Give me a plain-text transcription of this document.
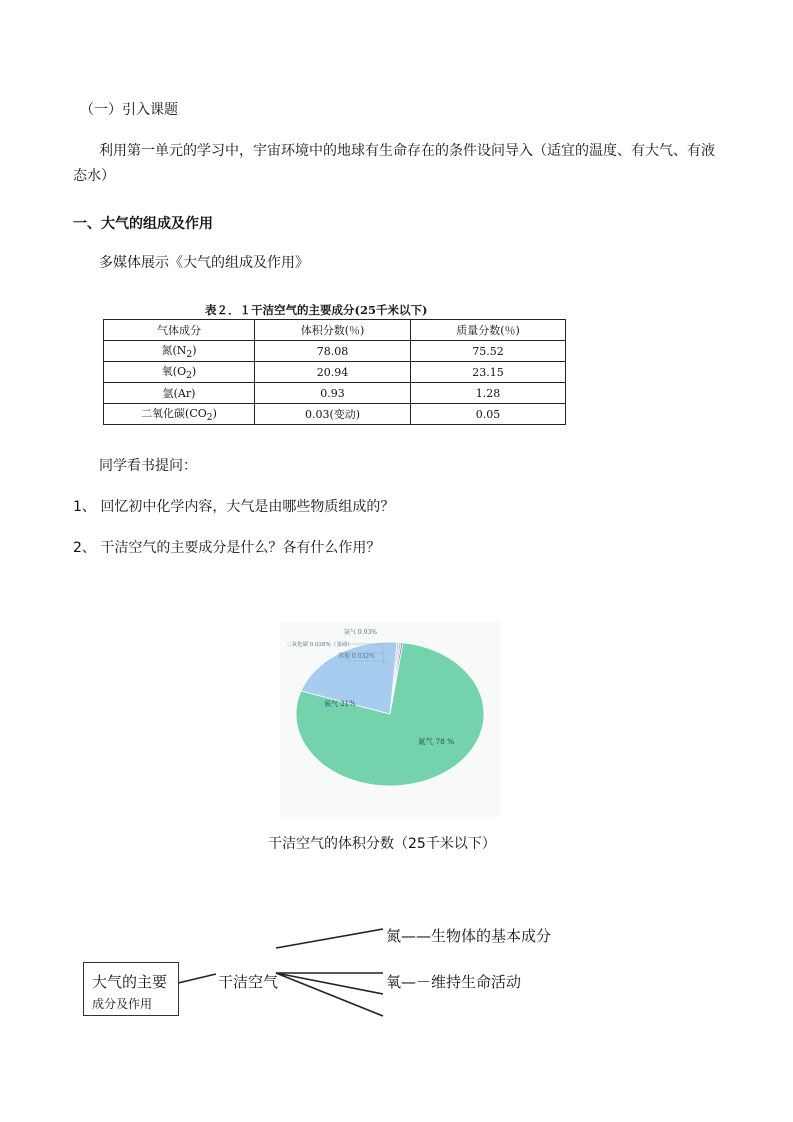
（一）引入课题
利用第一单元的学习中，宇宙环境中的地球有生命存在的条件设问导入（适宜的温度、有大气、有液
态水）
一、大气的组成及作用
多媒体展示《大气的组成及作用》
表２．１干洁空气的主要成分(25千米以下)
气体成分	体积分数(％)	质量分数(％)
氮$(N_2)$	78.08	75.52
氧$(O_2)$	20.94	23.15
氩(Ar)	0.93	1.28
二氧化碳$(CO_2)$	0.03(变动)	0.05
同学看书提问：
1、 回忆初中化学内容，大气是由哪些物质组成的？
2、 干洁空气的主要成分是什么？各有什么作用？
氩气 0.93%
二氧化碳 0.038%（变动）
其他 0.032%
氧气 21%
氮气 78 %
干洁空气的体积分数（25千米以下）
大气的主要
成分及作用
干洁空气
氮——生物体的基本成分
氧—－维持生命活动
